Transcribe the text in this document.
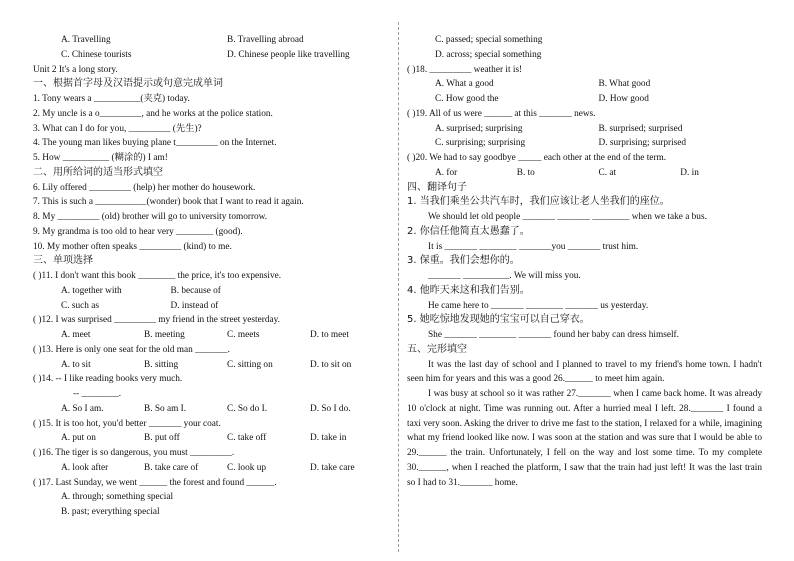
A. Travelling	B. Travelling abroad
C. Chinese tourists	D. Chinese people like travelling
Unit 2 It's a long story.
一、根据首字母及汉语提示或句意完成单词
1. Tony wears a __________(夹克) today.
2. My uncle is a o_________, and he works at the police station.
3. What can I do for you, _________ (先生)?
4. The young man likes buying plane t_________ on the Internet.
5. How __________ (糊涂的) I am!
二、用所给词的适当形式填空
6. Lily offered _________ (help) her mother do housework.
7. This is such a ___________(wonder) book that I want to read it again.
8. My _________ (old) brother will go to university tomorrow.
9. My grandma is too old to hear very ________ (good).
10. My mother often speaks _________ (kind) to me.
三、单项选择
( )11. I don't want this book ________ the price, it's too expensive.
A. together with	B. because of
C. such as	D. instead of
( )12. I was surprised _________ my friend in the street yesterday.
A. meet	B. meeting	C. meets	D. to meet
( )13. Here is only one seat for the old man _______.
A. to sit	B. sitting	C. sitting on	D. to sit on
( )14. -- I like reading books very much.
-- ________.
A. So I am.	B. So am I.	C. So do I.	D. So I do.
( )15. It is too hot, you'd better _______ your coat.
A. put on	B. put off	C. take off	D. take in
( )16. The tiger is so dangerous, you must _________.
A. look after	B. take care of	C. look up	D. take care
( )17. Last Sunday, we went ______ the forest and found ______.
A. through; something special
B. past; everything special
C. passed; special something
D. across; special something
( )18. _________ weather it is!
A. What a good	B. What good
C. How good the	D. How good
( )19. All of us were ______ at this _______ news.
A. surprised; surprising	B. surprised; surprised
C. surprising; surprising	D. surprising; surprised
( )20. We had to say goodbye _____ each other at the end of the term.
A. for	B. to	C. at	D. in
四、翻译句子
1. 当我们乘坐公共汽车时，我们应该让老人坐我们的座位。
We should let old people _______ _______ ________ when we take a bus.
2. 你信任他简直太愚蠢了。
It is _______ ________ _______you _______ trust him.
3. 保重。我们会想你的。
_______ __________. We will miss you.
4. 他昨天来这和我们告别。
He came here to _______ ________ _______ us yesterday.
5. 她吃惊地发现她的宝宝可以自己穿衣。
She _______ ________ _______ found her baby can dress himself.
五、完形填空
It was the last day of school and I planned to travel to my friend's home town. I hadn't seen him for years and this was a good 26.______ to meet him again.
I was busy at school so it was rather 27._______ when I came back home. It was already 10 o'clock at night. Time was running out. After a hurried meal I left. 28._______ I found a taxi very soon. Asking the driver to drive me fast to the station, I relaxed for a while, imagining what my friend looked like now. I was soon at the station and was sure that I would be able to 29.______ the train. Unfortunately, I fell on the way and lost some time. To my complete 30.______, when I reached the platform, I saw that the train had just left! It was the last train so I had to 31._______ home.
